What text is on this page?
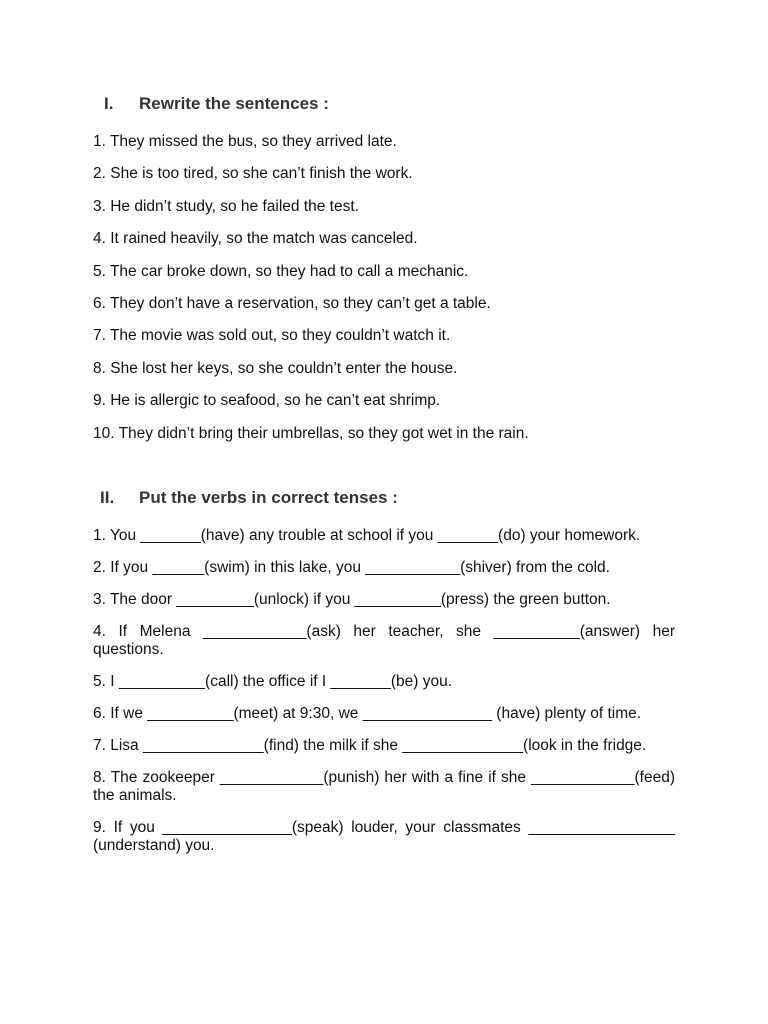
I.	Rewrite the sentences :
1. They missed the bus, so they arrived late.
2. She is too tired, so she can’t finish the work.
3. He didn’t study, so he failed the test.
4. It rained heavily, so the match was canceled.
5. The car broke down, so they had to call a mechanic.
6. They don’t have a reservation, so they can’t get a table.
7. The movie was sold out, so they couldn’t watch it.
8. She lost her keys, so she couldn’t enter the house.
9. He is allergic to seafood, so he can’t eat shrimp.
10. They didn’t bring their umbrellas, so they got wet in the rain.
II.	Put the verbs in correct tenses :
1. You _______(have) any trouble at school if you _______(do) your homework.
2. If you ______(swim) in this lake, you ___________(shiver) from the cold.
3. The door _________(unlock) if you __________(press) the green button.
4. If Melena ____________(ask) her teacher, she __________(answer) her questions.
5. I __________(call) the office if I _______(be) you.
6. If we __________(meet) at 9:30, we _______________ (have) plenty of time.
7. Lisa ______________(find) the milk if she ______________(look in the fridge.
8. The zookeeper ____________(punish) her with a fine if she ____________(feed) the animals.
9. If you _______________(speak) louder, your classmates _________________ (understand) you.
